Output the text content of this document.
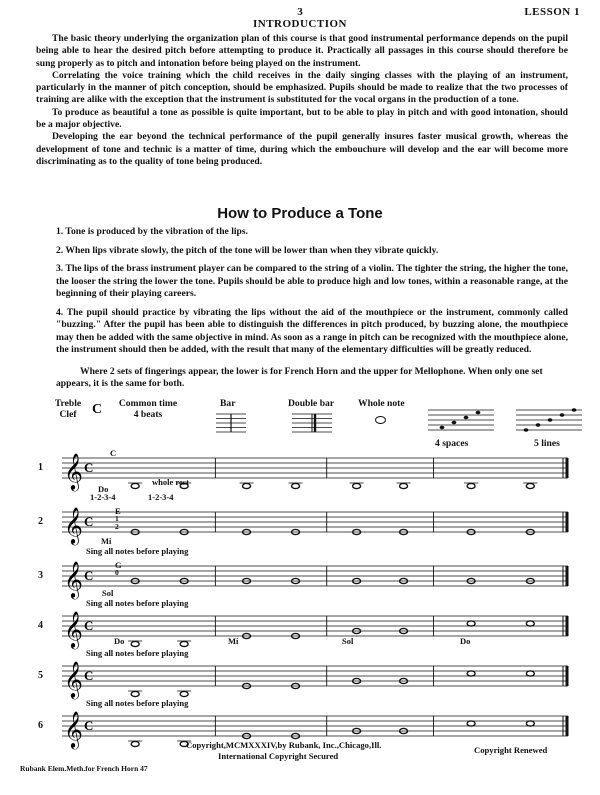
3	LESSON 1
INTRODUCTION

The basic theory underlying the organization plan of this course is that good instrumental performance depends on the pupil being able to hear the desired pitch before attempting to produce it. Practically all passages in this course should therefore be sung properly as to pitch and intonation before being played on the instrument.

Correlating the voice training which the child receives in the daily singing classes with the playing of an instrument, particularly in the manner of pitch conception, should be emphasized. Pupils should be made to realize that the two processes of training are alike with the exception that the instrument is substituted for the vocal organs in the production of a tone.

To produce as beautiful a tone as possible is quite important, but to be able to play in pitch and with good intonation, should be a major objective.

Developing the ear beyond the technical performance of the pupil generally insures faster musical growth, whereas the development of tone and technic is a matter of time, during which the embouchure will develop and the ear will become more discriminating as to the quality of tone being produced.

How to Produce a Tone
1. Tone is produced by the vibration of the lips.
2. When lips vibrate slowly, the pitch of the tone will be lower than when they vibrate quickly.
3. The lips of the brass instrument player can be compared to the string of a violin. The tighter the string, the higher the tone, the looser the string the lower the tone. Pupils should be able to produce high and low tones, within a reasonable range, at the beginning of their playing careers.
4. The pupil should practice by vibrating the lips without the aid of the mouthpiece or the instrument, commonly called "buzzing." After the pupil has been able to distinguish the differences in pitch produced, by buzzing alone, the mouthpiece may then be added with the same objective in mind. As soon as a range in pitch can be recognized with the mouthpiece alone, the instrument should then be added, with the result that many of the elementary difficulties will be greatly reduced.

Where 2 sets of fingerings appear, the lower is for French Horn and the upper for Mellophone. When only one set appears, it is the same for both.

Treble
Clef	C	Common time
4 beats
Bar	Double bar Whole note
4 spaces	5 lines
1 𝄞 C
2 𝄞 C
3 𝄞 C
4 𝄞 C
5 𝄞 C
6 𝄞 C
C
whole rest
Do
1-2-3-4	1-2-3-4
E
1
2
Mi
Sing all notes before playing
G
0
Sol
Sing all notes before playing
Do	Mi	Sol	Do
Sing all notes before playing
Sing all notes before playing
Copyright,MCMXXXIV,by Rubank, Inc.,Chicago,Ill.
International Copyright Secured
Copyright Renewed
Rubank Elem.Meth.for French Horn 47
